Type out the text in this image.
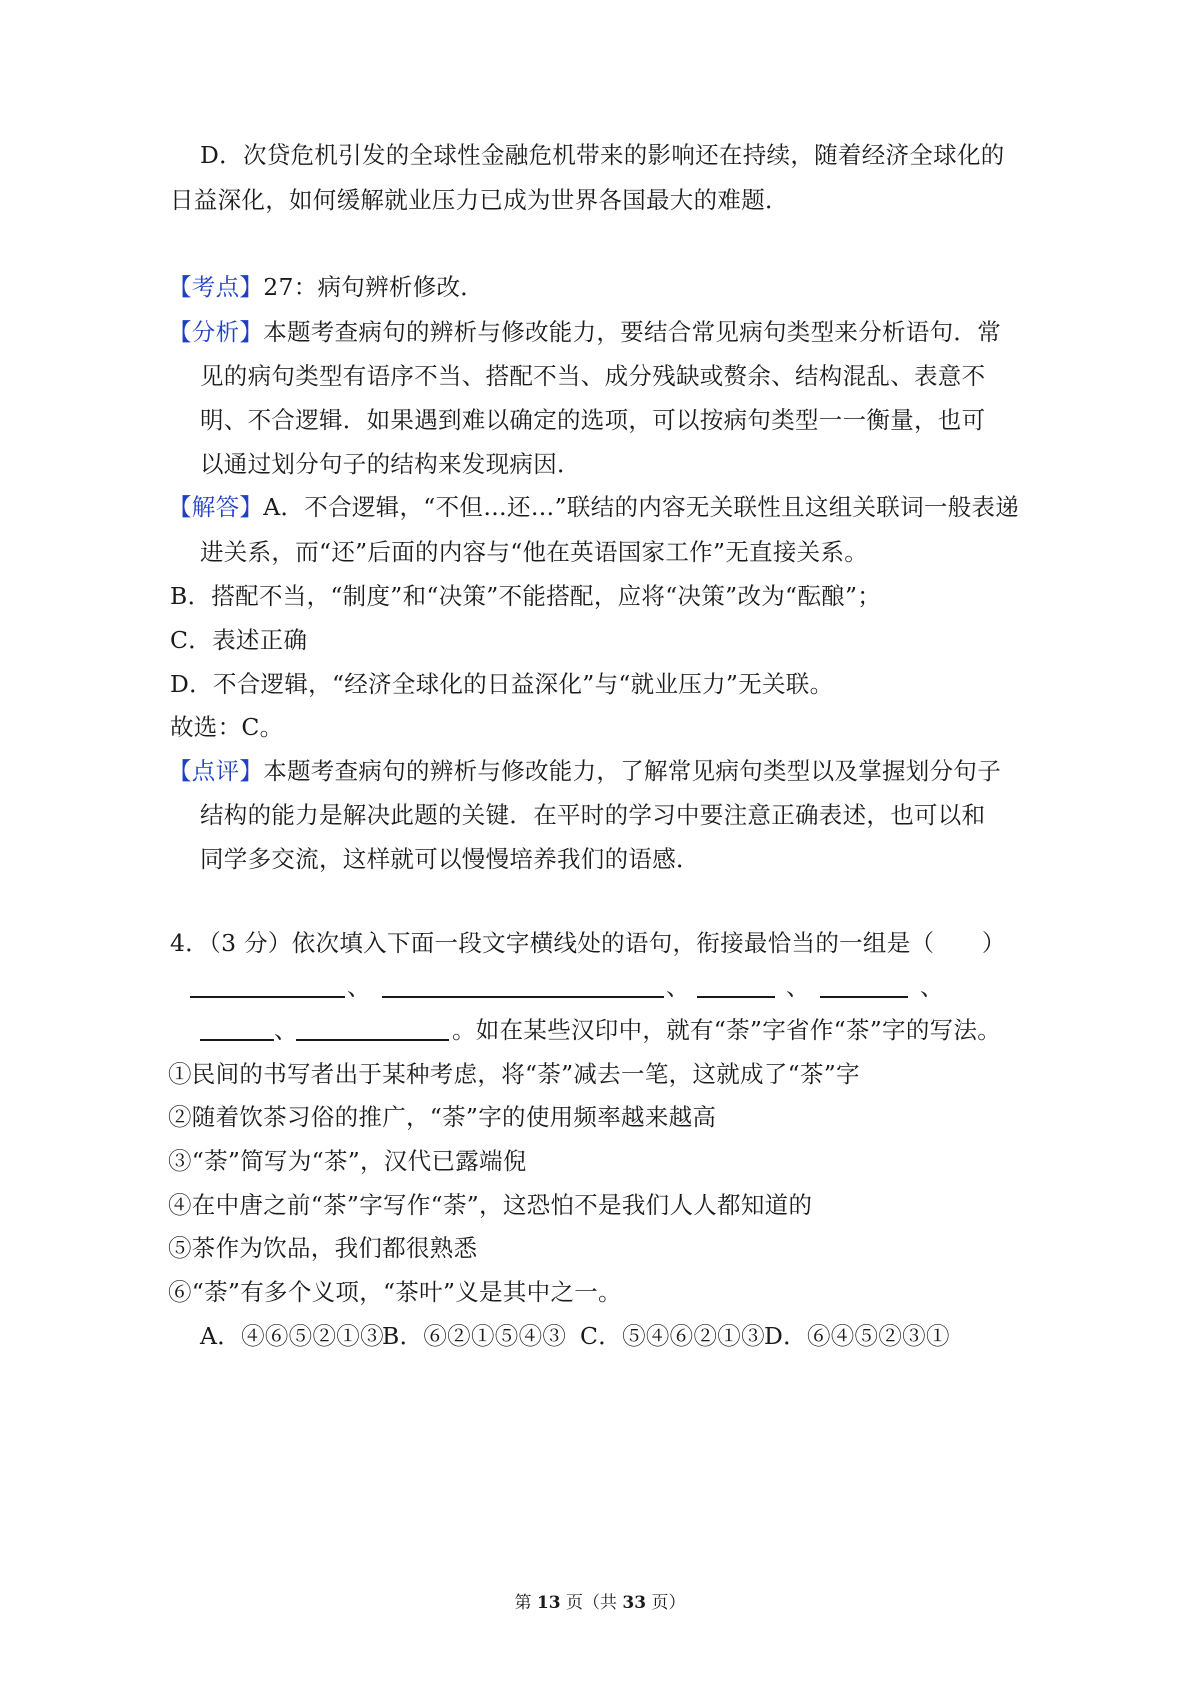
D．次贷危机引发的全球性金融危机带来的影响还在持续，随着经济全球化的
日益深化，如何缓解就业压力已成为世界各国最大的难题．
【考点】27：病句辨析修改．
【分析】本题考查病句的辨析与修改能力，要结合常见病句类型来分析语句．常
见的病句类型有语序不当、搭配不当、成分残缺或赘余、结构混乱、表意不
明、不合逻辑．如果遇到难以确定的选项，可以按病句类型一一衡量，也可
以通过划分句子的结构来发现病因．
【解答】A．不合逻辑，“不但…还…”联结的内容无关联性且这组关联词一般表递
进关系，而“还”后面的内容与“他在英语国家工作”无直接关系。
B．搭配不当，“制度”和“决策”不能搭配，应将“决策”改为“酝酿”；
C．表述正确
D．不合逻辑，“经济全球化的日益深化”与“就业压力”无关联。
故选：C。
【点评】本题考查病句的辨析与修改能力，了解常见病句类型以及掌握划分句子
结构的能力是解决此题的关键．在平时的学习中要注意正确表述，也可以和
同学多交流，这样就可以慢慢培养我们的语感．
4．（3 分）依次填入下面一段文字横线处的语句，衔接最恰当的一组是（　　）
、	、	、	、
、	。如在某些汉印中，就有“荼”字省作“茶”字的写法。
①民间的书写者出于某种考虑，将“荼”减去一笔，这就成了“茶”字
②随着饮茶习俗的推广，“荼”字的使用频率越来越高
③“荼”简写为“茶”，汉代已露端倪
④在中唐之前“茶”字写作“荼”，这恐怕不是我们人人都知道的
⑤茶作为饮品，我们都很熟悉
⑥“荼”有多个义项，“茶叶”义是其中之一。
A．④⑥⑤②①③
B．⑥②①⑤④③ C．⑤④⑥②①③ D．⑥④⑤②③①
第 13 页（共 33 页）
